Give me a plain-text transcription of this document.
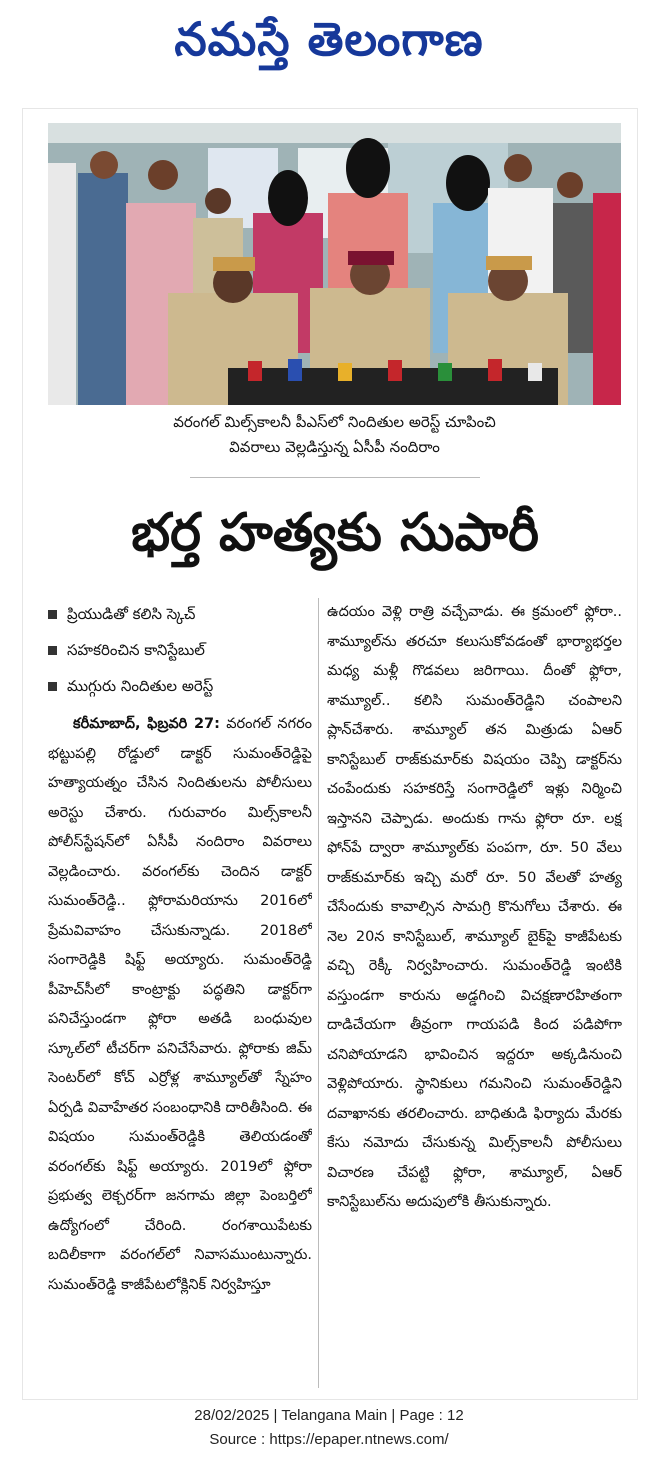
నమస్తే తెలంగాణ
వరంగల్ మిల్స్‌కాలనీ పీఎస్‌లో నిందితుల అరెస్ట్ చూపించి
వివరాలు వెల్లడిస్తున్న ఏసీపీ నందిరాం
భర్త హత్యకు సుపారీ
ప్రియుడితో కలిసి స్కెచ్
సహకరించిన కానిస్టేబుల్
ముగ్గురు నిందితుల అరెస్ట్

కరీమాబాద్, ఫిబ్రవరి 27: వరంగల్ నగరం భట్టుపల్లి రోడ్డులో డాక్టర్ సుమంత్‌రెడ్డిపై హత్యాయత్నం చేసిన నిందితులను పోలీసులు అరెస్టు చేశారు. గురువారం మిల్స్‌కాలనీ పోలీస్‌స్టేషన్‌లో ఏసీపీ నందిరాం వివరాలు వెల్లడించారు. వరంగల్‌కు చెందిన డాక్టర్ సుమంత్‌రెడ్డి.. ఫ్లోరామరియాను 2016లో ప్రేమవివాహం చేసుకున్నాడు. 2018లో సంగారెడ్డికి షిఫ్ట్ అయ్యారు. సుమంత్‌రెడ్డి పీహెచ్‌సీలో కాంట్రాక్టు పద్ధతిని డాక్టర్‌గా పనిచేస్తుండగా ఫ్లోరా అతడి బంధువుల స్కూల్‌లో టీచర్‌గా పనిచేసేవారు. ఫ్లోరాకు జిమ్ సెంటర్‌లో కోచ్ ఎర్రోళ్ల శామ్యూల్‌తో స్నేహం ఏర్పడి వివాహేతర సంబంధానికి దారితీసింది. ఈ విషయం సుమంత్‌రెడ్డికి తెలియడంతో వరంగల్‌కు షిఫ్ట్ అయ్యారు. 2019లో ఫ్లోరా ప్రభుత్వ లెక్చరర్‌గా జనగామ జిల్లా పెంబర్తిలో ఉద్యోగంలో చేరింది. రంగశాయిపేటకు బదిలీకాగా వరంగల్‌లో నివాసముంటున్నారు. సుమంత్‌రెడ్డి కాజీపేటలోక్లినిక్ నిర్వహిస్తూ

ఉదయం వెళ్లి రాత్రి వచ్చేవాడు. ఈ క్రమంలో ఫ్లోరా.. శామ్యూల్‌ను తరచూ కలుసుకోవడంతో భార్యాభర్తల మధ్య మళ్లీ గొడవలు జరిగాయి. దీంతో ఫ్లోరా, శామ్యూల్.. కలిసి సుమంత్‌రెడ్డిని చంపాలని ప్లాన్‌చేశారు. శామ్యూల్ తన మిత్రుడు ఏఆర్ కానిస్టేబుల్ రాజ్‌కుమార్‌కు విషయం చెప్పి డాక్టర్‌ను చంపేందుకు సహకరిస్తే సంగారెడ్డిలో ఇళ్లు నిర్మించి ఇస్తానని చెప్పాడు. అందుకు గాను ఫ్లోరా రూ. లక్ష ఫోన్‌పే ద్వారా శామ్యూల్‌కు పంపగా, రూ. 50 వేలు రాజ్‌కుమార్‌కు ఇచ్చి మరో రూ. 50 వేలతో హత్య చేసేందుకు కావాల్సిన సామగ్రి కొనుగోలు చేశారు. ఈ నెల 20న కానిస్టేబుల్, శామ్యూల్ బైక్‌పై కాజీపేటకు వచ్చి రెక్కీ నిర్వహించారు. సుమంత్‌రెడ్డి ఇంటికి వస్తుండగా కారును అడ్డగించి విచక్షణారహితంగా దాడిచేయగా తీవ్రంగా గాయపడి కింద పడిపోగా చనిపోయాడని భావించిన ఇద్దరూ అక్కడినుంచి వెళ్లిపోయారు. స్థానికులు గమనించి సుమంత్‌రెడ్డిని దవాఖానకు తరలించారు. బాధితుడి ఫిర్యాదు మేరకు కేసు నమోదు చేసుకున్న మిల్స్‌కాలనీ పోలీసులు విచారణ చేపట్టి ఫ్లోరా, శామ్యూల్, ఏఆర్ కానిస్టేబుల్‌ను అదుపులోకి తీసుకున్నారు.

28/02/2025 | Telangana Main | Page : 12
Source : https://epaper.ntnews.com/
